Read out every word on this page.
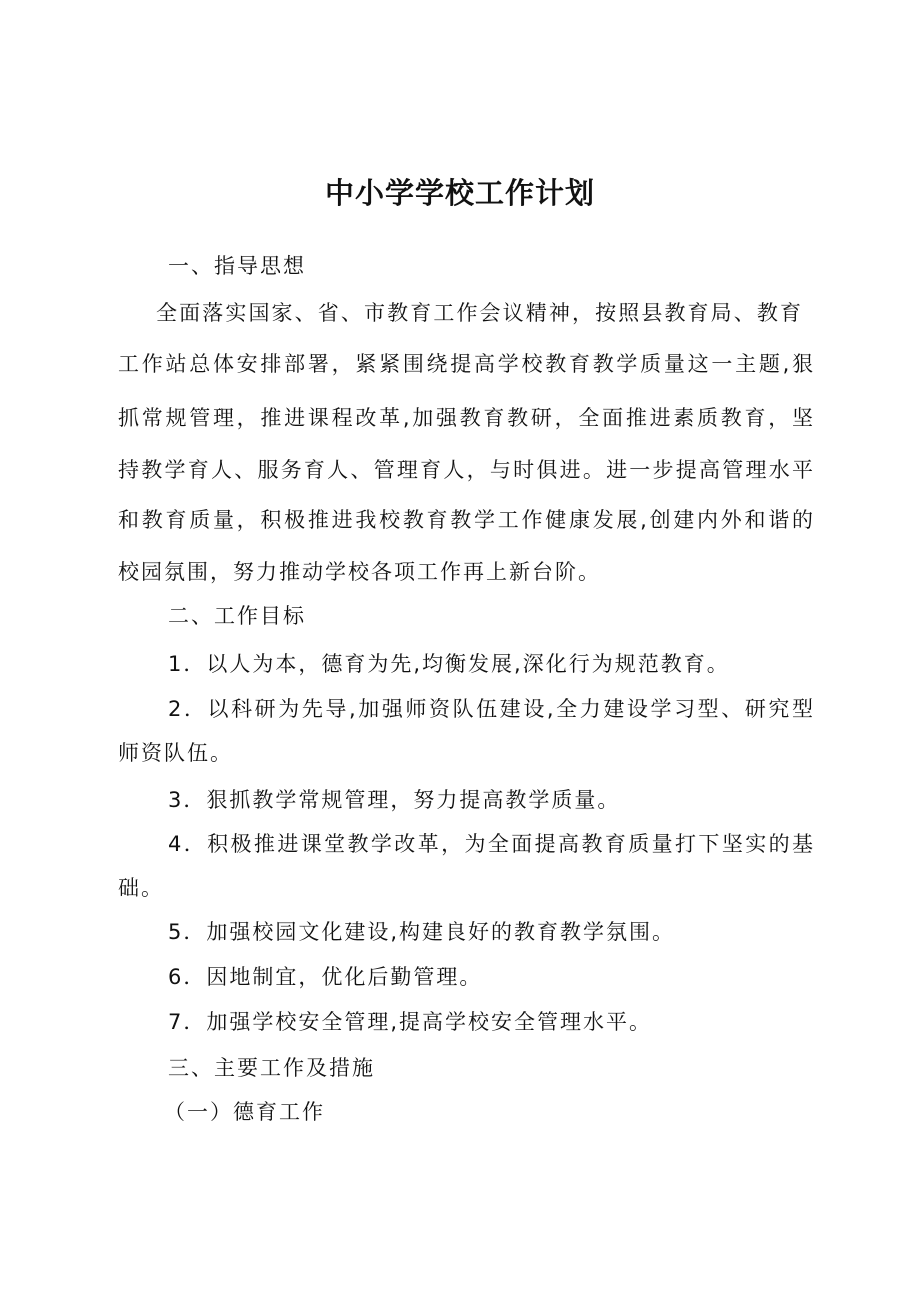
中小学学校工作计划

一、指导思想

全面落实国家、省、市教育工作会议精神，按照县教育局、教育

工作站总体安排部署，紧紧围绕提高学校教育教学质量这一主题,狠

抓常规管理，推进课程改革,加强教育教研，全面推进素质教育，坚

持教学育人、服务育人、管理育人，与时俱进。进一步提高管理水平

和教育质量，积极推进我校教育教学工作健康发展,创建内外和谐的

校园氛围，努力推动学校各项工作再上新台阶。

二、工作目标

1．以人为本，德育为先,均衡发展,深化行为规范教育。

2．以科研为先导,加强师资队伍建设,全力建设学习型、研究型

师资队伍。

3．狠抓教学常规管理，努力提高教学质量。

4．积极推进课堂教学改革，为全面提高教育质量打下坚实的基

础。

5．加强校园文化建设,构建良好的教育教学氛围。

6．因地制宜，优化后勤管理。

7．加强学校安全管理,提高学校安全管理水平。

三、主要工作及措施

（一）德育工作
